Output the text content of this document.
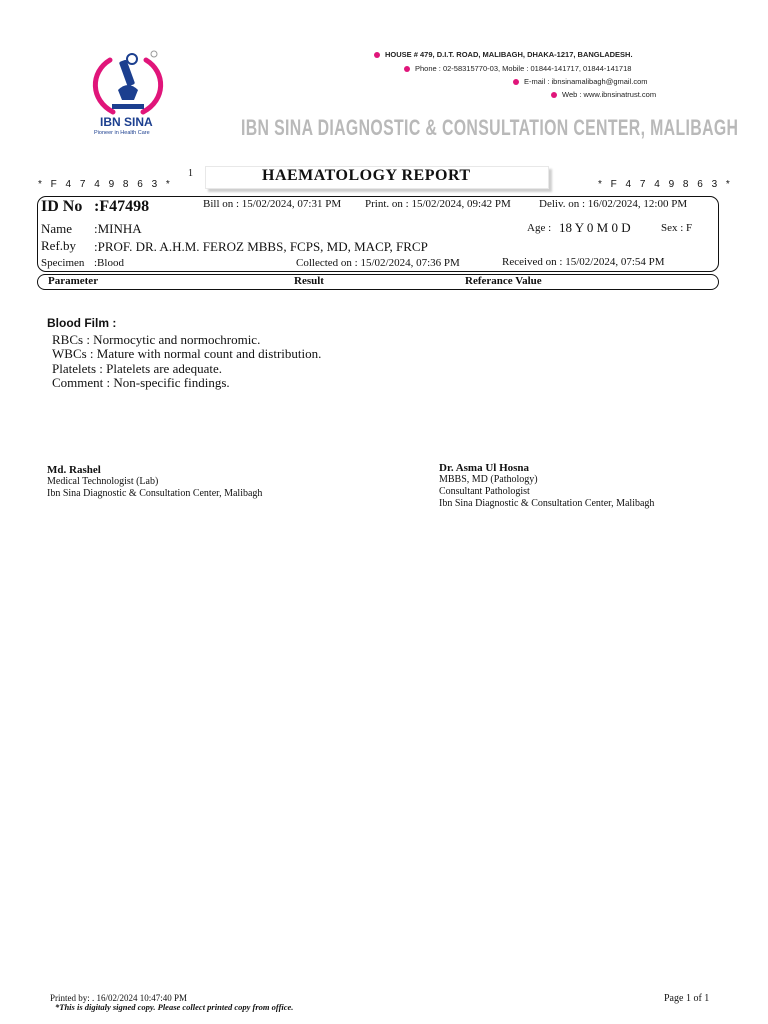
IBN SINA
Pioneer in Health Care
HOUSE # 479, D.I.T. ROAD, MALIBAGH, DHAKA-1217, BANGLADESH.
Phone : 02-58315770-03, Mobile : 01844-141717, 01844-141718
E-mail : ibnsinamalibagh@gmail.com
Web : www.ibnsinatrust.com
IBN SINA DIAGNOSTIC & CONSULTATION CENTER, MALIBAGH
1	HAEMATOLOGY REPORT
* F 4 7 4 9 8 6 3 *	* F 4 7 4 9 8 6 3 *
ID No :F47498	Bill on : 15/02/2024, 07:31 PM Print. on : 15/02/2024, 09:42 PM	Deliv. on : 16/02/2024, 12:00 PM
Name :MINHA	Age : 18 Y 0 M 0 D	Sex : F
Ref.by :PROF. DR. A.H.M. FEROZ MBBS, FCPS, MD, MACP, FRCP
Specimen :Blood	Collected on : 15/02/2024, 07:36 PM	Received on : 15/02/2024, 07:54 PM
Parameter	Result	Referance Value
Blood Film :
RBCs : Normocytic and normochromic.
WBCs : Mature with normal count and distribution.
Platelets : Platelets are adequate.
Comment : Non-specific findings.
Md. Rashel
Medical Technologist (Lab)
Ibn Sina Diagnostic & Consultation Center, Malibagh
Dr. Asma Ul Hosna
MBBS, MD (Pathology)
Consultant Pathologist
Ibn Sina Diagnostic & Consultation Center, Malibagh
Printed by: . 16/02/2024 10:47:40 PM
*This is digitaly signed copy. Please collect printed copy from office.
Page 1 of 1
